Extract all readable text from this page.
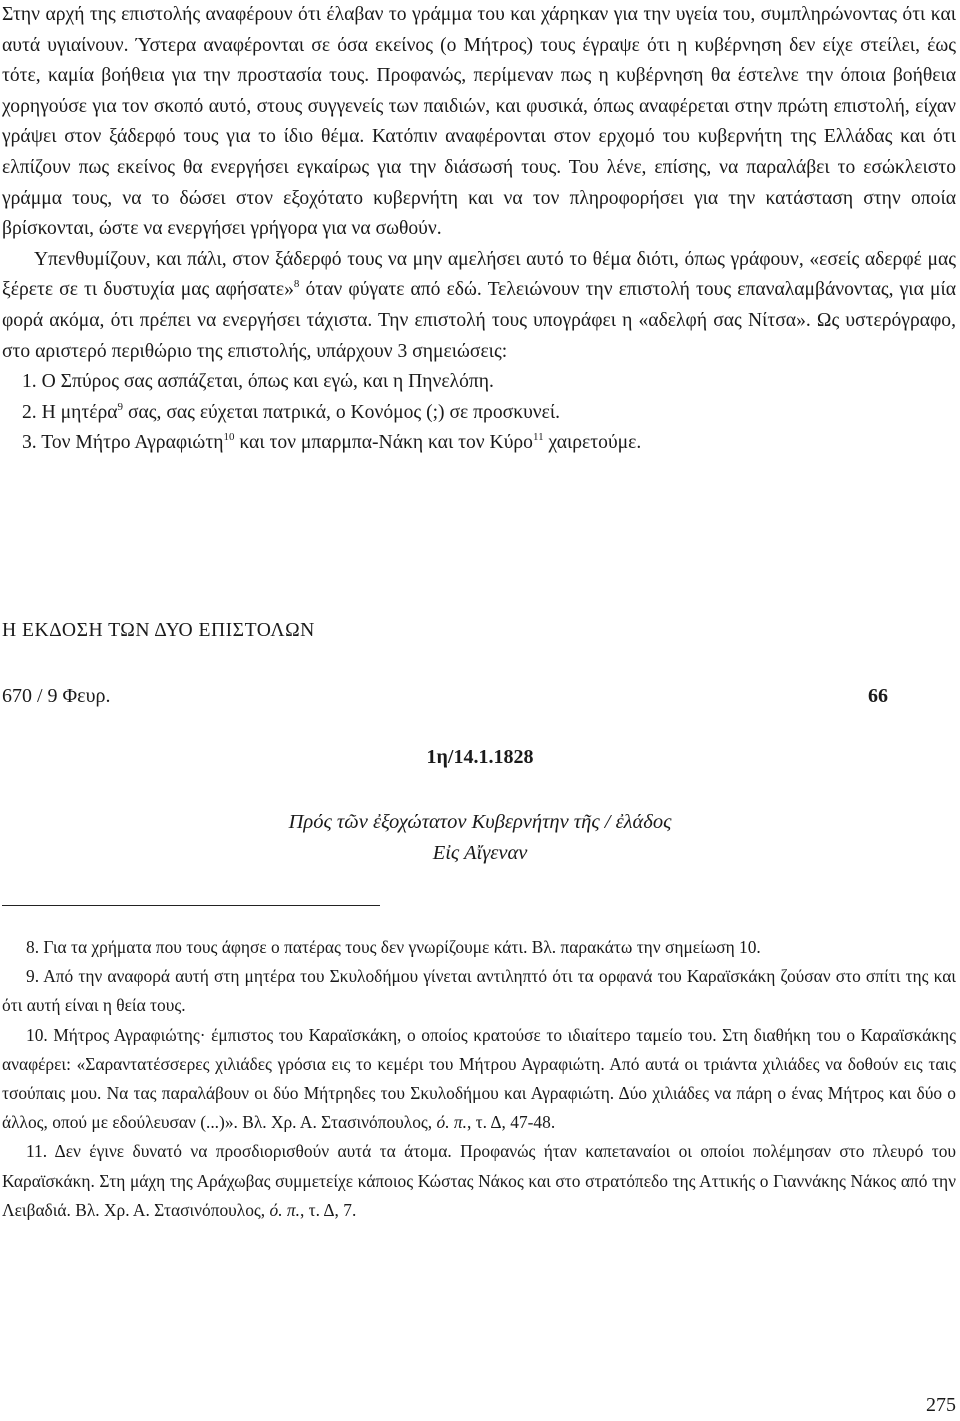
Στην αρχή της επιστολής αναφέρουν ότι έλαβαν το γράμμα του και χάρηκαν για την υγεία του, συμπληρώνοντας ότι και αυτά υγιαίνουν. Ύστερα αναφέρονται σε όσα εκείνος (ο Μήτρος) τους έγραψε ότι η κυβέρνηση δεν είχε στείλει, έως τότε, καμία βοήθεια για την προστασία τους. Προφανώς, περίμεναν πως η κυβέρνηση θα έστελνε την όποια βοήθεια χορηγούσε για τον σκοπό αυτό, στους συγγενείς των παιδιών, και φυσικά, όπως αναφέρεται στην πρώτη επιστολή, είχαν γράψει στον ξάδερφό τους για το ίδιο θέμα. Κατόπιν αναφέρονται στον ερχομό του κυβερνήτη της Ελλάδας και ότι ελπίζουν πως εκείνος θα ενεργήσει εγκαίρως για την διάσωσή τους. Του λένε, επίσης, να παραλάβει το εσώκλειστο γράμμα τους, να το δώσει στον εξοχότατο κυβερνήτη και να τον πληροφορήσει για την κατάσταση στην οποία βρίσκονται, ώστε να ενεργήσει γρήγορα για να σωθούν.

Υπενθυμίζουν, και πάλι, στον ξάδερφό τους να μην αμελήσει αυτό το θέμα διότι, όπως γράφουν, «εσείς αδερφέ μας ξέρετε σε τι δυστυχία μας αφήσατε»$^8$ όταν φύγατε από εδώ. Τελειώνουν την επιστολή τους επαναλαμβάνοντας, για μία φορά ακόμα, ότι πρέπει να ενεργήσει τάχιστα. Την επιστολή τους υπογράφει η «αδελφή σας Νίτσα». Ως υστερόγραφο, στο αριστερό περιθώριο της επιστολής, υπάρχουν 3 σημειώσεις:

1. Ο Σπύρος σας ασπάζεται, όπως και εγώ, και η Πηνελόπη.

2. Η μητέρα$^9$ σας, σας εύχεται πατρικά, ο Κονόμος (;) σε προσκυνεί.

3. Τον Μήτρο Αγραφιώτη$^{10}$ και τον μπαρμπα-Νάκη και τον Κύρο$^{11}$ χαιρετούμε.

Η ΕΚΔΟΣΗ ΤΩΝ ΔΥΟ ΕΠΙΣΤΟΛΩΝ
670 / 9 Φευρ.	66
1η/14.1.1828
Πρός τῶν ἐξοχώτατον Κυβερνήτην τῆς / ἐλάδος
Εἰς Αἴγεναν

8. Για τα χρήματα που τους άφησε ο πατέρας τους δεν γνωρίζουμε κάτι. Βλ. παρακάτω την σημείωση 10.

9. Από την αναφορά αυτή στη μητέρα του Σκυλοδήμου γίνεται αντιληπτό ότι τα ορφανά του Καραϊσκάκη ζούσαν στο σπίτι της και ότι αυτή είναι η θεία τους.

10. Μήτρος Αγραφιώτης· έμπιστος του Καραϊσκάκη, ο οποίος κρατούσε το ιδιαίτερο ταμείο του. Στη διαθήκη του ο Καραϊσκάκης αναφέρει: «Σαραντατέσσερες χιλιάδες γρόσια εις το κεμέρι του Μήτρου Αγραφιώτη. Από αυτά οι τριάντα χιλιάδες να δοθούν εις ταις τσούπαις μου. Να τας παραλάβουν οι δύο Μήτρηδες του Σκυλοδήμου και Αγραφιώτη. Δύο χιλιάδες να πάρη ο ένας Μήτρος και δύο ο άλλος, οπού με εδούλευσαν (...)». Βλ. Χρ. Α. Στασινόπουλος, ό. π., τ. Δ, 47-48.

11. Δεν έγινε δυνατό να προσδιορισθούν αυτά τα άτομα. Προφανώς ήταν καπεταναίοι οι οποίοι πολέμησαν στο πλευρό του Καραϊσκάκη. Στη μάχη της Αράχωβας συμμετείχε κάποιος Κώστας Νάκος και στο στρατόπεδο της Αττικής ο Γιαννάκης Νάκος από την Λειβαδιά. Βλ. Χρ. Α. Στασινόπουλος, ό. π., τ. Δ, 7.

275
